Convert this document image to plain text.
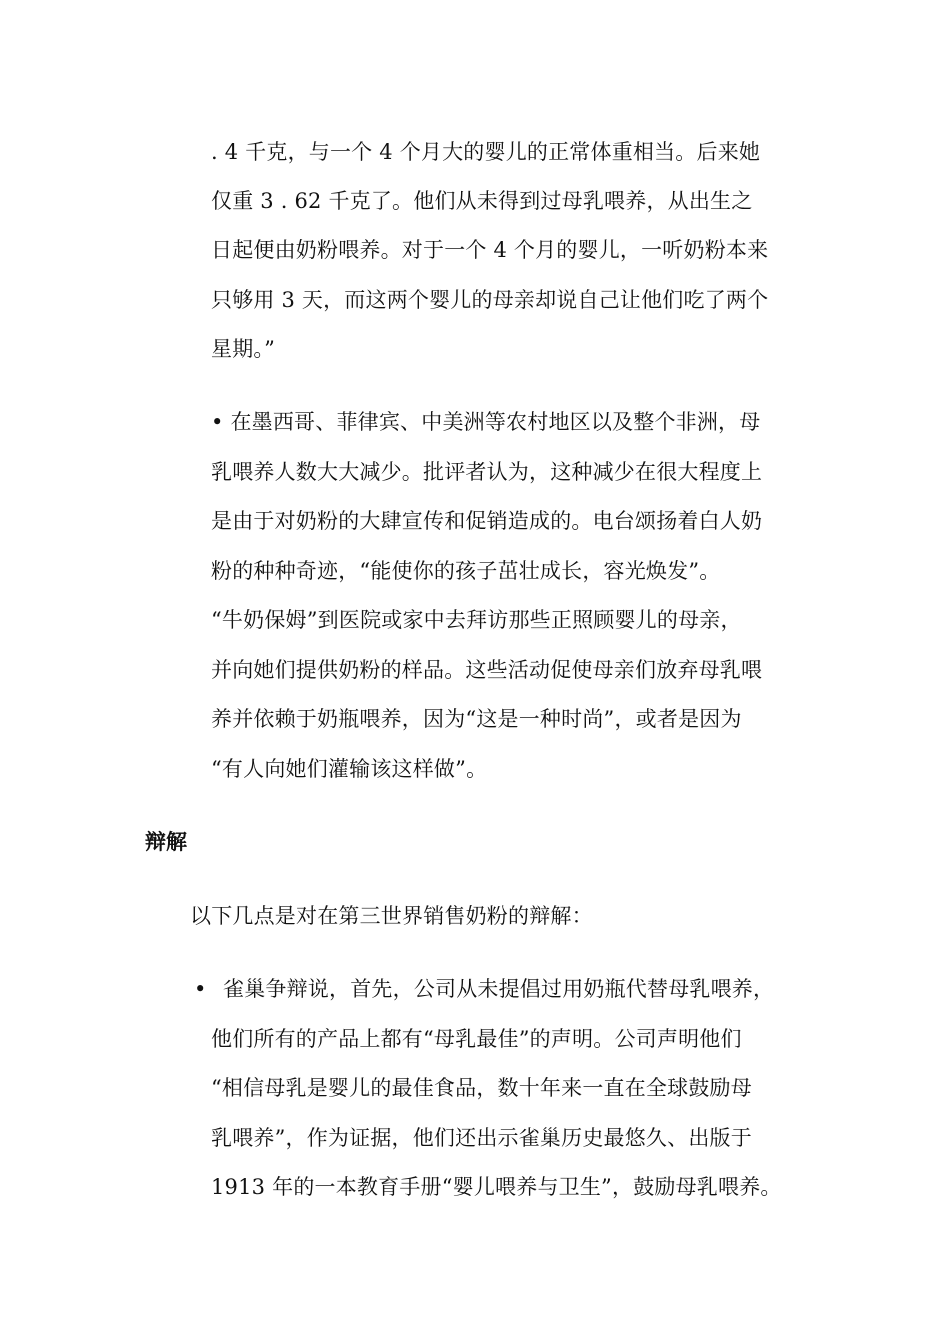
. 4 千克，与一个 4 个月大的婴儿的正常体重相当。后来她
仅重 3 . 62 千克了。他们从未得到过母乳喂养，从出生之
日起便由奶粉喂养。对于一个 4 个月的婴儿，一听奶粉本来
只够用 3 天，而这两个婴儿的母亲却说自己让他们吃了两个
星期。”
• 在墨西哥、菲律宾、中美洲等农村地区以及整个非洲，母
乳喂养人数大大减少。批评者认为，这种减少在很大程度上
是由于对奶粉的大肆宣传和促销造成的。电台颂扬着白人奶
粉的种种奇迹，“能使你的孩子茁壮成长，容光焕发”。
“牛奶保姆”到医院或家中去拜访那些正照顾婴儿的母亲，
并向她们提供奶粉的样品。这些活动促使母亲们放弃母乳喂
养并依赖于奶瓶喂养，因为“这是一种时尚”，或者是因为
“有人向她们灌输该这样做”。
辩解
以下几点是对在第三世界销售奶粉的辩解：
• 雀巢争辩说，首先，公司从未提倡过用奶瓶代替母乳喂养，
他们所有的产品上都有“母乳最佳”的声明。公司声明他们
“相信母乳是婴儿的最佳食品，数十年来一直在全球鼓励母
乳喂养”，作为证据，他们还出示雀巢历史最悠久、出版于
1913 年的一本教育手册“婴儿喂养与卫生”，鼓励母乳喂养。
